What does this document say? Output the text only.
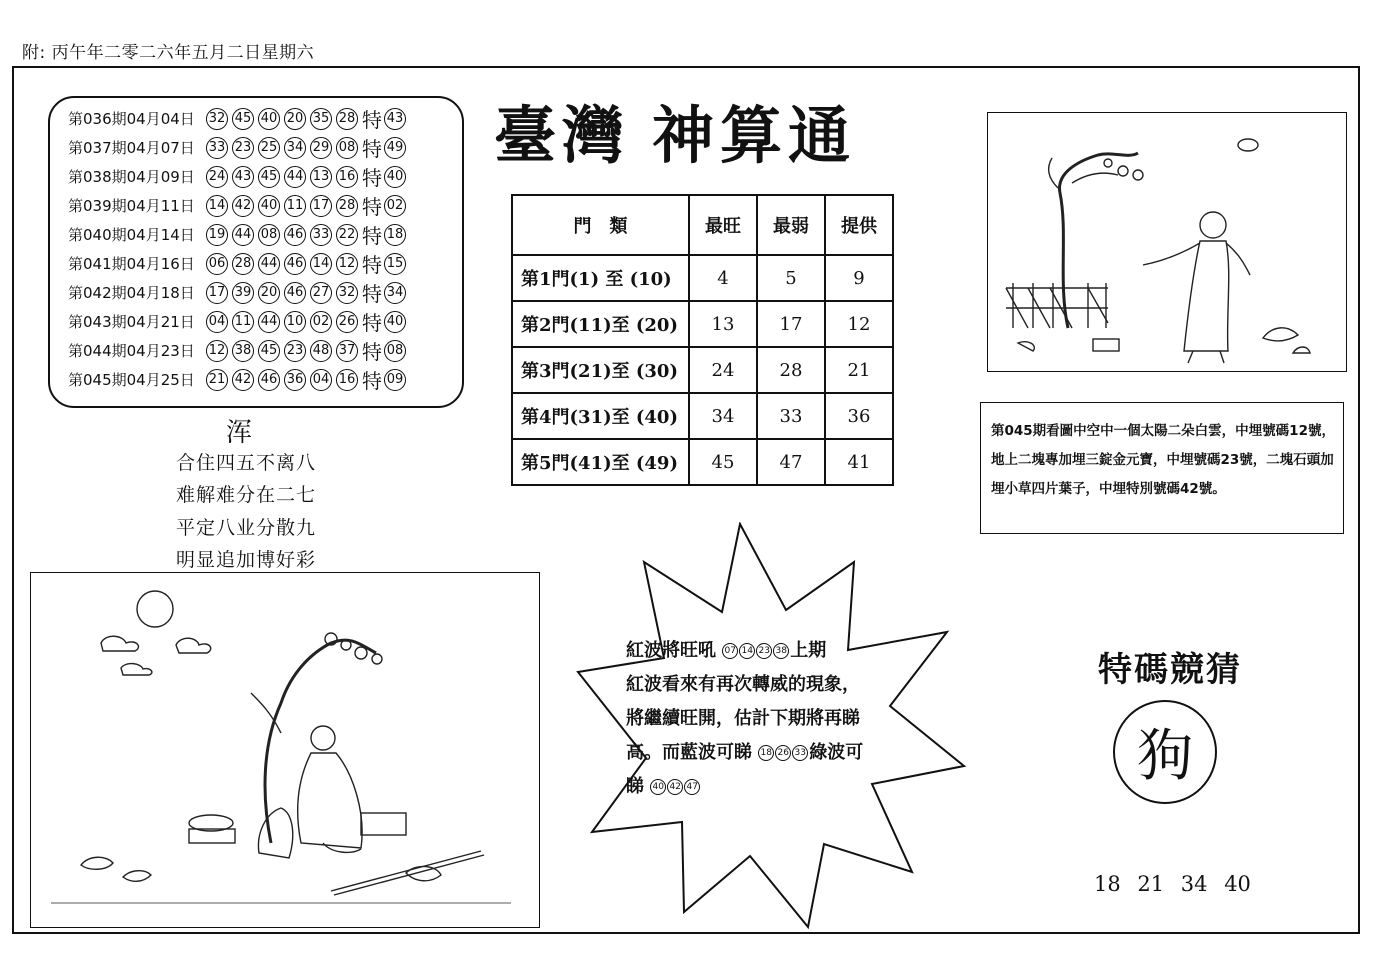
附: 丙午年二零二六年五月二日星期六
第036期04月04日	32 45 40 20 35 28 特 43
第037期04月07日	33 23 25 34 29 08 特 49
第038期04月09日	24 43 45 44 13 16 特 40
第039期04月11日	14 42 40 11 17 28 特 02
第040期04月14日	19 44 08 46 33 22 特 18
第041期04月16日	06 28 44 46 14 12 特 15
第042期04月18日	17 39 20 46 27 32 特 34
第043期04月21日	04 11 44 10 02 26 特 40
第044期04月23日	12 38 45 23 48 37 特 08
第045期04月25日	21 42 46 36 04 16 特 09
浑
合住四五不离八
难解难分在二七
平定八业分散九
明显追加博好彩
臺灣 神算通
門　類	最旺	最弱	提供
第1門(1) 至 (10)	4	5	9
第2門(11)至 (20)	13	17	12
第3門(21)至 (30)	24	28	21
第4門(31)至 (40)	34	33	36
第5門(41)至 (49)	45	47	41
第045期看圖中空中一個太陽二朵白雲，中埋號碼12號，地上二塊專加埋三錠金元寶，中埋號碼23號，二塊石頭加埋小草四片葉子，中埋特別號碼42號。
紅波將旺吼 07 14 23 38 上期
紅波看來有再次轉威的現象，
將繼續旺開，估計下期將再睇
高。而藍波可睇 18 26 33 綠波可
睇 40 42 47
特碼競猜
狗
18 21 34 40
